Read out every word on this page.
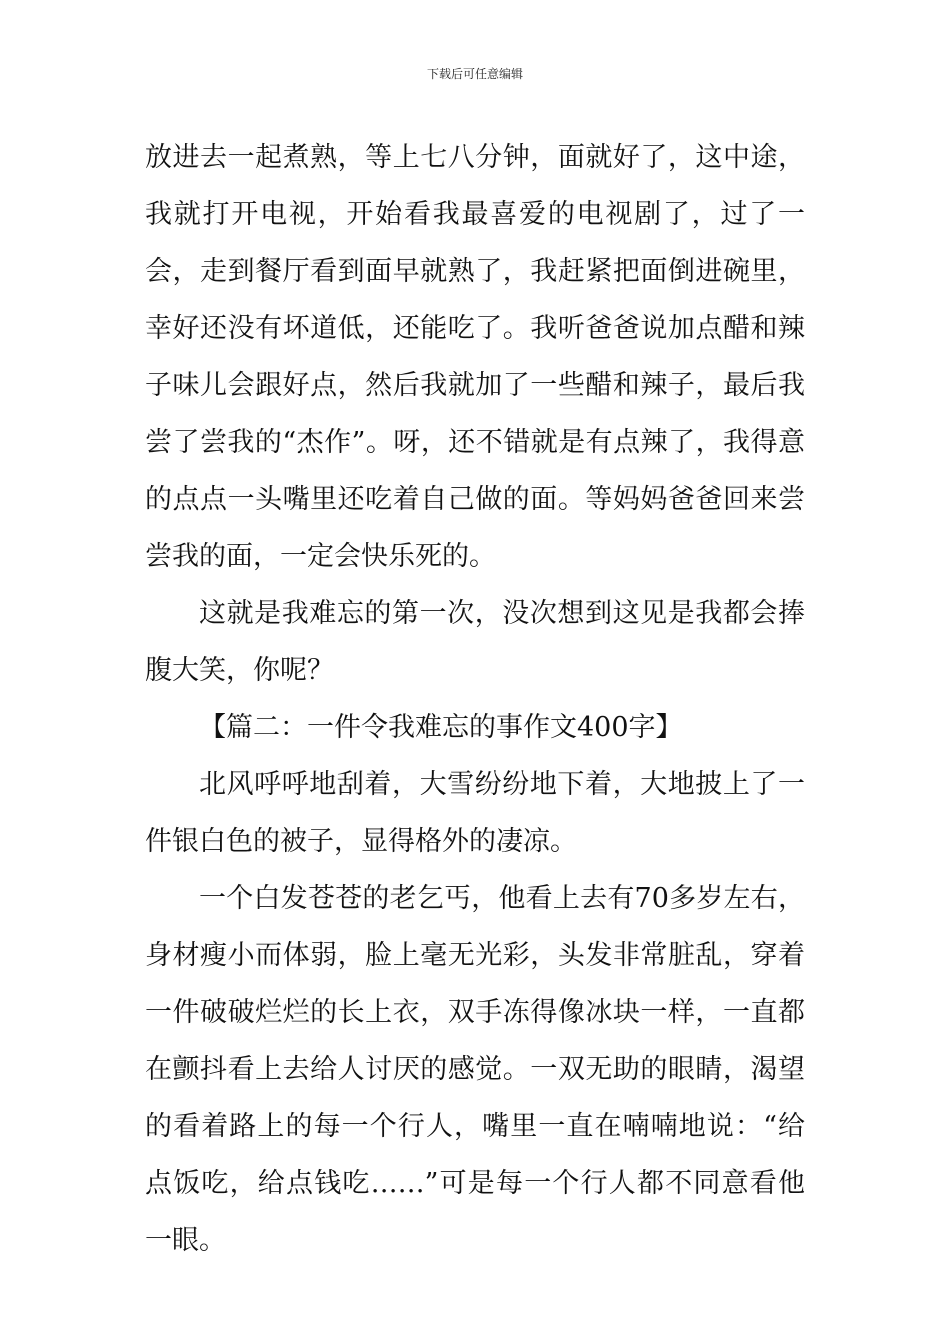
下载后可任意编辑

放进去一起煮熟，等上七八分钟，面就好了，这中途，我就打开电视，开始看我最喜爱的电视剧了，过了一会，走到餐厅看到面早就熟了，我赶紧把面倒进碗里，幸好还没有坏道低，还能吃了。我听爸爸说加点醋和辣子味儿会跟好点，然后我就加了一些醋和辣子，最后我尝了尝我的“杰作”。呀，还不错就是有点辣了，我得意的点点一头嘴里还吃着自己做的面。等妈妈爸爸回来尝尝我的面，一定会快乐死的。

这就是我难忘的第一次，没次想到这见是我都会捧腹大笑，你呢？

【篇二：一件令我难忘的事作文400字】

北风呼呼地刮着，大雪纷纷地下着，大地披上了一件银白色的被子，显得格外的凄凉。

一个白发苍苍的老乞丐，他看上去有70多岁左右，身材瘦小而体弱，脸上毫无光彩，头发非常脏乱，穿着一件破破烂烂的长上衣，双手冻得像冰块一样，一直都在颤抖看上去给人讨厌的感觉。一双无助的眼睛，渴望的看着路上的每一个行人，嘴里一直在喃喃地说：“给点饭吃，给点钱吃……”可是每一个行人都不同意看他一眼。
